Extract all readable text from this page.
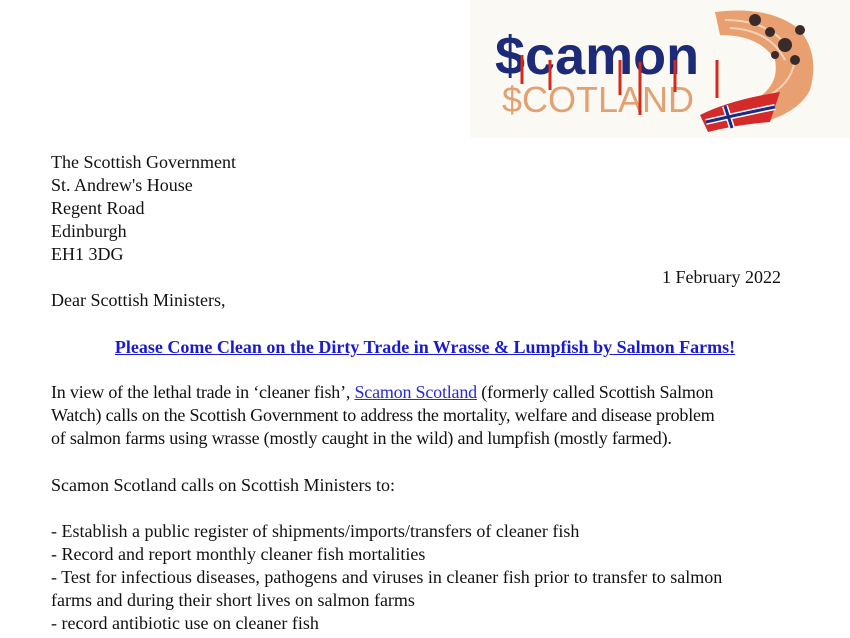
$camon
$COTLAND
The Scottish Government
St. Andrew's House
Regent Road
Edinburgh
EH1 3DG
1 February 2022
Dear Scottish Ministers,
Please Come Clean on the Dirty Trade in Wrasse & Lumpfish by Salmon Farms!
In view of the lethal trade in ‘cleaner fish’, Scamon Scotland (formerly called Scottish Salmon
Watch) calls on the Scottish Government to address the mortality, welfare and disease problem
of salmon farms using wrasse (mostly caught in the wild) and lumpfish (mostly farmed).
Scamon Scotland calls on Scottish Ministers to:
- Establish a public register of shipments/imports/transfers of cleaner fish
- Record and report monthly cleaner fish mortalities
- Test for infectious diseases, pathogens and viruses in cleaner fish prior to transfer to salmon
farms and during their short lives on salmon farms
- record antibiotic use on cleaner fish
